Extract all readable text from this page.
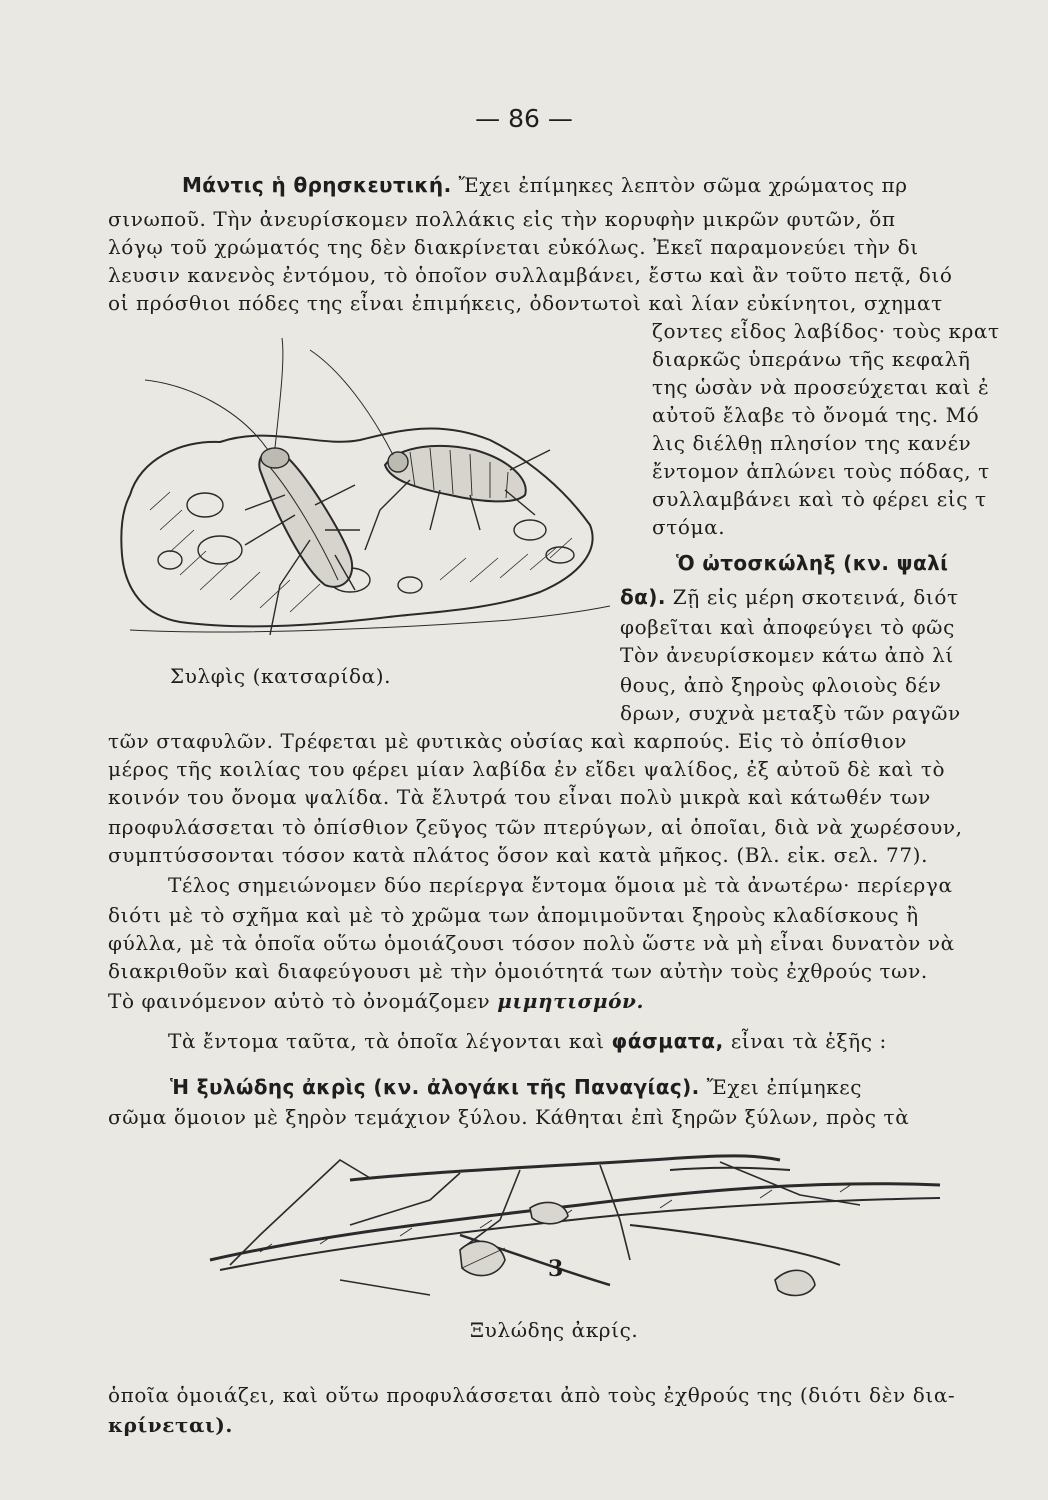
— 86 —
Μάντις ἡ θρησκευτική. Ἔχει ἐπίμηκες λεπτὸν σῶμα χρώματος πρ
σινωποῦ. Τὴν ἀνευρίσκομεν πολλάκις εἰς τὴν κορυφὴν μικρῶν φυτῶν, ὅπ
λόγῳ τοῦ χρώματός της δὲν διακρίνεται εὐκόλως. Ἐκεῖ παραμονεύει τὴν δι
λευσιν κανενὸς ἐντόμου, τὸ ὁποῖον συλλαμβάνει, ἔστω καὶ ἂν τοῦτο πετᾷ, διό
οἱ πρόσθιοι πόδες της εἶναι ἐπιμήκεις, ὀδοντωτοὶ καὶ λίαν εὐκίνητοι, σχηματ
ζοντες εἶδος λαβίδος· τοὺς κρατ
διαρκῶς ὑπεράνω τῆς κεφαλῆ
της ὡσὰν νὰ προσεύχεται καὶ ἐ
αὐτοῦ ἔλαβε τὸ ὄνομά της. Μό
λις διέλθῃ πλησίον της κανέν
ἔντομον ἁπλώνει τοὺς πόδας, τ
συλλαμβάνει καὶ τὸ φέρει εἰς τ
στόμα.
Συλφὶς (κατσαρίδα).
Ὁ ὠτοσκώληξ (κν. ψαλί
δα). Ζῇ εἰς μέρη σκοτεινά, διότ
φοβεῖται καὶ ἀποφεύγει τὸ φῶς
Τὸν ἀνευρίσκομεν κάτω ἀπὸ λί
θους, ἀπὸ ξηροὺς φλοιοὺς δέν
δρων, συχνὰ μεταξὺ τῶν ραγῶν
τῶν σταφυλῶν. Τρέφεται μὲ φυτικὰς οὐσίας καὶ καρπούς. Εἰς τὸ ὀπίσθιον
μέρος τῆς κοιλίας του φέρει μίαν λαβίδα ἐν εἴδει ψαλίδος, ἐξ αὐτοῦ δὲ καὶ τὸ
κοινόν του ὄνομα ψαλίδα. Τὰ ἔλυτρά του εἶναι πολὺ μικρὰ καὶ κάτωθέν των
προφυλάσσεται τὸ ὀπίσθιον ζεῦγος τῶν πτερύγων, αἱ ὁποῖαι, διὰ νὰ χωρέσουν,
συμπτύσσονται τόσον κατὰ πλάτος ὅσον καὶ κατὰ μῆκος. (Βλ. εἰκ. σελ. 77).
Τέλος σημειώνομεν δύο περίεργα ἔντομα ὅμοια μὲ τὰ ἀνωτέρω· περίεργα
διότι μὲ τὸ σχῆμα καὶ μὲ τὸ χρῶμα των ἀπομιμοῦνται ξηροὺς κλαδίσκους ἢ
φύλλα, μὲ τὰ ὁποῖα οὕτω ὁμοιάζουσι τόσον πολὺ ὥστε νὰ μὴ εἶναι δυνατὸν νὰ
διακριθοῦν καὶ διαφεύγουσι μὲ τὴν ὁμοιότητά των αὐτὴν τοὺς ἐχθρούς των.
Τὸ φαινόμενον αὐτὸ τὸ ὀνομάζομεν μιμητισμόν.
Τὰ ἔντομα ταῦτα, τὰ ὁποῖα λέγονται καὶ φάσματα, εἶναι τὰ ἑξῆς :
Ἡ ξυλώδης ἀκρὶς (κν. ἀλογάκι τῆς Παναγίας). Ἔχει ἐπίμηκες
σῶμα ὅμοιον μὲ ξηρὸν τεμάχιον ξύλου. Κάθηται ἐπὶ ξηρῶν ξύλων, πρὸς τὰ
3
Ξυλώδης ἀκρίς.
ὁποῖα ὁμοιάζει, καὶ οὕτω προφυλάσσεται ἀπὸ τοὺς ἐχθρούς της (διότι δὲν δια-
κρίνεται).
